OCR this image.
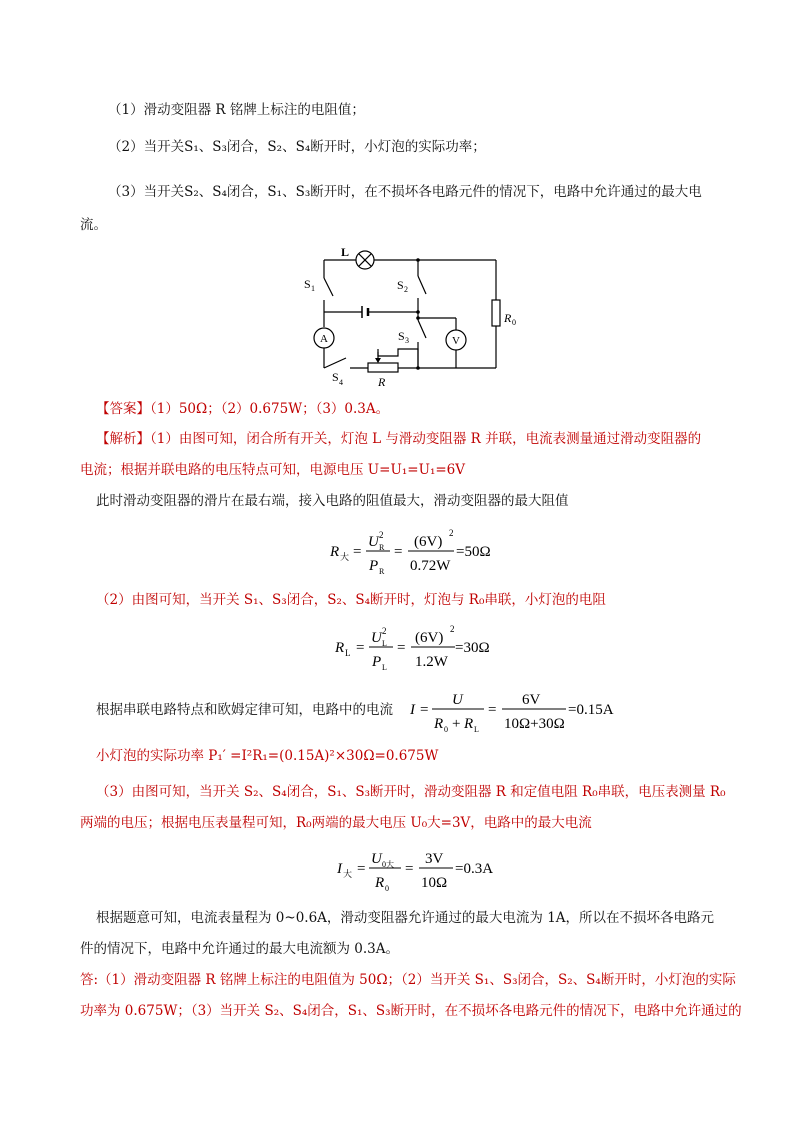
（1）滑动变阻器 R 铭牌上标注的电阻值；
（2）当开关S₁、S₃闭合，S₂、S₄断开时，小灯泡的实际功率；
（3）当开关S₂、S₄闭合，S₁、S₃断开时，在不损坏各电路元件的情况下，电路中允许通过的最大电
流。
L
S 1	S 2
S 3
S 4
A	V
R 0
R
【答案】（1）50Ω；（2）0.675W；（3）0.3A。
【解析】（1）由图可知，闭合所有开关，灯泡 L 与滑动变阻器 R 并联，电流表测量通过滑动变阻器的
电流；根据并联电路的电压特点可知，电源电压 U=U₁=U₁=6V
此时滑动变阻器的滑片在最右端，接入电路的阻值最大，滑动变阻器的最大阻值
R 大 =
U 2
R
P R
=
(6V)
2
0.72W
=50Ω
（2）由图可知，当开关 S₁、S₃闭合，S₂、S₄断开时，灯泡与 R₀串联，小灯泡的电阻
R L =
U 2
L
P L
=
(6V)
2
1.2W
=30Ω
根据串联电路特点和欧姆定律可知，电路中的电流 I =
U
R 0 + R L
=
6V
10Ω+30Ω
=0.15A
小灯泡的实际功率 P₁′ =I²R₁=(0.15A)²×30Ω=0.675W
（3）由图可知，当开关 S₂、S₄闭合，S₁、S₃断开时，滑动变阻器 R 和定值电阻 R₀串联，电压表测量 R₀
两端的电压；根据电压表量程可知，R₀两端的最大电压 U₀大=3V，电路中的最大电流
I 大 =
U 0大
R 0
=
3V
10Ω
=0.3A
根据题意可知，电流表量程为 0~0.6A，滑动变阻器允许通过的最大电流为 1A，所以在不损坏各电路元
件的情况下，电路中允许通过的最大电流额为 0.3A。
答:（1）滑动变阻器 R 铭牌上标注的电阻值为 50Ω；（2）当开关 S₁、S₃闭合，S₂、S₄断开时，小灯泡的实际
功率为 0.675W；（3）当开关 S₂、S₄闭合，S₁、S₃断开时，在不损坏各电路元件的情况下，电路中允许通过的
